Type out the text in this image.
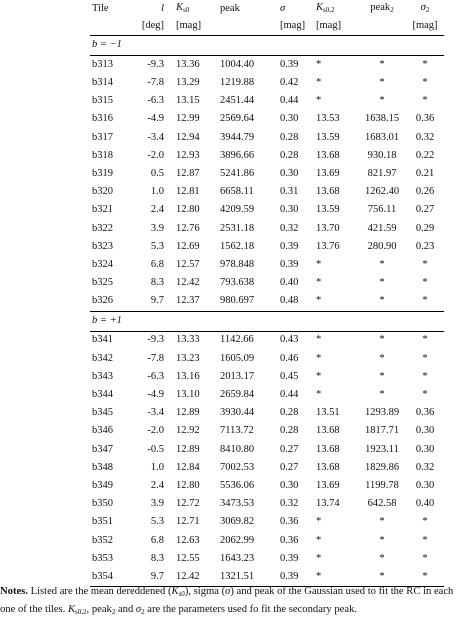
Tile	l	$K_{s0}$	peak	σ	$K_{s0,2}$	peak$_2$	$\sigma_2$
	[deg]	[mag]		[mag]	[mag]		[mag]
b = −1							
b313	-9.3	13.36	1004.40	0.39	*	*	*
b314	-7.8	13.29	1219.88	0.42	*	*	*
b315	-6.3	13.15	2451.44	0.44	*	*	*
b316	-4.9	12.99	2569.64	0.30	13.53	1638.15	0.36
b317	-3.4	12.94	3944.79	0.28	13.59	1683.01	0.32
b318	-2.0	12.93	3896.66	0.28	13.68	930.18	0.22
b319	0.5	12.87	5241.86	0.30	13.69	821.97	0.21
b320	1.0	12.81	6658.11	0.31	13.68	1262.40	0.26
b321	2.4	12.80	4209.59	0.30	13.59	756.11	0.27
b322	3.9	12.76	2531.18	0.32	13.70	421.59	0.29
b323	5.3	12.69	1562.18	0.39	13.76	280.90	0.23
b324	6.8	12.57	978.848	0.39	*	*	*
b325	8.3	12.42	793.638	0.40	*	*	*
b326	9.7	12.37	980.697	0.48	*	*	*
b = +1							
b341	-9.3	13.33	1142.66	0.43	*	*	*
b342	-7.8	13.23	1605.09	0.46	*	*	*
b343	-6.3	13.16	2013.17	0.45	*	*	*
b344	-4.9	13.10	2659.84	0.44	*	*	*
b345	-3.4	12.89	3930.44	0.28	13.51	1293.89	0.36
b346	-2.0	12.92	7113.72	0.28	13.68	1817.71	0.30
b347	-0.5	12.89	8410.80	0.27	13.68	1923.11	0.30
b348	1.0	12.84	7002.53	0.27	13.68	1829.86	0.32
b349	2.4	12.80	5536.06	0.30	13.69	1199.78	0.30
b350	3.9	12.72	3473.53	0.32	13.74	642.58	0.40
b351	5.3	12.71	3069.82	0.36	*	*	*
b352	6.8	12.63	2062.99	0.36	*	*	*
b353	8.3	12.55	1643.23	0.39	*	*	*
b354	9.7	12.42	1321.51	0.39	*	*	*
Notes. Listed are the mean dereddened $(K_{s0})$, sigma (σ) and peak of the Gaussian used to fit the RC in each
one of the tiles. $K_{s0,2}$, peak$_2$ and $\sigma_2$ are the parameters used fo fit the secondary peak.
